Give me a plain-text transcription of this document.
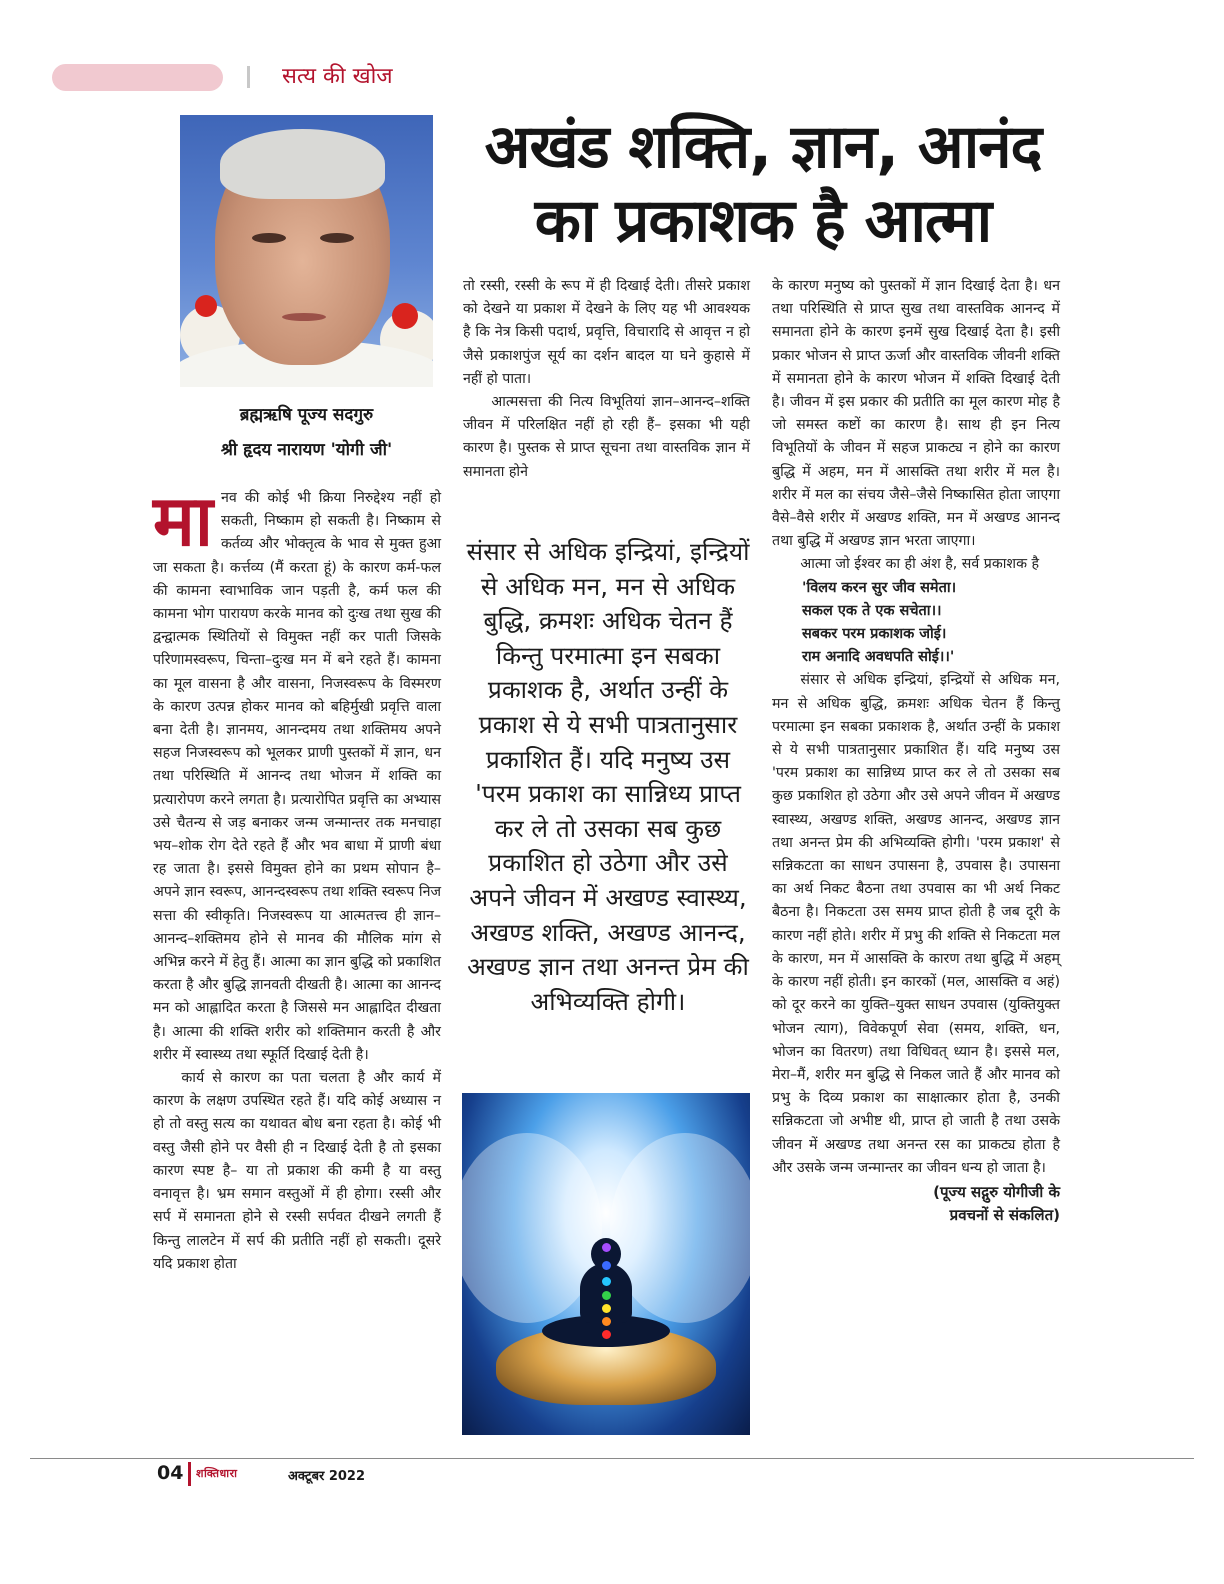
सत्य की खोज
ब्रह्मऋषि पूज्य सदगुरु
श्री हृदय नारायण 'योगी जी'
अखंड शक्ति, ज्ञान, आनंद
का प्रकाशक है आत्मा

मानव की कोई भी क्रिया निरुद्देश्य नहीं हो सकती, निष्काम हो सकती है। निष्काम से कर्तव्य और भोक्तृत्व के भाव से मुक्त हुआ जा सकता है। कर्त्तव्य (मैं करता हूं) के कारण कर्म-फल की कामना स्वाभाविक जान पड़ती है, कर्म फल की कामना भोग पारायण करके मानव को दुःख तथा सुख की द्वन्द्वात्मक स्थितियों से विमुक्त नहीं कर पाती जिसके परिणामस्वरूप, चिन्ता–दुःख मन में बने रहते हैं। कामना का मूल वासना है और वासना, निजस्वरूप के विस्मरण के कारण उत्पन्न होकर मानव को बहिर्मुखी प्रवृत्ति वाला बना देती है। ज्ञानमय, आनन्दमय तथा शक्तिमय अपने सहज निजस्वरूप को भूलकर प्राणी पुस्तकों में ज्ञान, धन तथा परिस्थिति में आनन्द तथा भोजन में शक्ति का प्रत्यारोपण करने लगता है। प्रत्यारोपित प्रवृत्ति का अभ्यास उसे चैतन्य से जड़ बनाकर जन्म जन्मान्तर तक मनचाहा भय–शोक रोग देते रहते हैं और भव बाधा में प्राणी बंधा रह जाता है। इससे विमुक्त होने का प्रथम सोपान है– अपने ज्ञान स्वरूप, आनन्दस्वरूप तथा शक्ति स्वरूप निज सत्ता की स्वीकृति। निजस्वरूप या आत्मतत्त्व ही ज्ञान–आनन्द–शक्तिमय होने से मानव की मौलिक मांग से अभिन्न करने में हेतु हैं। आत्मा का ज्ञान बुद्धि को प्रकाशित करता है और बुद्धि ज्ञानवती दीखती है। आत्मा का आनन्द मन को आह्लादित करता है जिससे मन आह्लादित दीखता है। आत्मा की शक्ति शरीर को शक्तिमान करती है और शरीर में स्वास्थ्य तथा स्फूर्ति दिखाई देती है।

कार्य से कारण का पता चलता है और कार्य में कारण के लक्षण उपस्थित रहते हैं। यदि कोई अध्यास न हो तो वस्तु सत्य का यथावत बोध बना रहता है। कोई भी वस्तु जैसी होने पर वैसी ही न दिखाई देती है तो इसका कारण स्पष्ट है– या तो प्रकाश की कमी है या वस्तु वनावृत्त है। भ्रम समान वस्तुओं में ही होगा। रस्सी और सर्प में समानता होने से रस्सी सर्पवत दीखने लगती हैं किन्तु लालटेन में सर्प की प्रतीति नहीं हो सकती। दूसरे यदि प्रकाश होता

तो रस्सी, रस्सी के रूप में ही दिखाई देती। तीसरे प्रकाश को देखने या प्रकाश में देखने के लिए यह भी आवश्यक है कि नेत्र किसी पदार्थ, प्रवृत्ति, विचारादि से आवृत्त न हो जैसे प्रकाशपुंज सूर्य का दर्शन बादल या घने कुहासे में नहीं हो पाता।

आत्मसत्ता की नित्य विभूतियां ज्ञान–आनन्द–शक्ति जीवन में परिलक्षित नहीं हो रही हैं– इसका भी यही कारण है। पुस्तक से प्राप्त सूचना तथा वास्तविक ज्ञान में समानता होने

संसार से अधिक इन्द्रियां, इन्द्रियों से अधिक मन, मन से अधिक बुद्धि, क्रमशः अधिक चेतन हैं किन्तु परमात्मा इन सबका प्रकाशक है, अर्थात उन्हीं के प्रकाश से ये सभी पात्रतानुसार प्रकाशित हैं। यदि मनुष्य उस 'परम प्रकाश का सान्निध्य प्राप्त कर ले तो उसका सब कुछ प्रकाशित हो उठेगा और उसे अपने जीवन में अखण्ड स्वास्थ्य, अखण्ड शक्ति, अखण्ड आनन्द, अखण्ड ज्ञान तथा अनन्त प्रेम की अभिव्यक्ति होगी।

के कारण मनुष्य को पुस्तकों में ज्ञान दिखाई देता है। धन तथा परिस्थिति से प्राप्त सुख तथा वास्तविक आनन्द में समानता होने के कारण इनमें सुख दिखाई देता है। इसी प्रकार भोजन से प्राप्त ऊर्जा और वास्तविक जीवनी शक्ति में समानता होने के कारण भोजन में शक्ति दिखाई देती है। जीवन में इस प्रकार की प्रतीति का मूल कारण मोह है जो समस्त कष्टों का कारण है। साथ ही इन नित्य विभूतियों के जीवन में सहज प्राकट्य न होने का कारण बुद्धि में अहम, मन में आसक्ति तथा शरीर में मल है। शरीर में मल का संचय जैसे–जैसे निष्कासित होता जाएगा वैसे–वैसे शरीर में अखण्ड शक्ति, मन में अखण्ड आनन्द तथा बुद्धि में अखण्ड ज्ञान भरता जाएगा।

आत्मा जो ईश्वर का ही अंश है, सर्व प्रकाशक है

'विलय करन सुर जीव समेता।
सकल एक ते एक सचेता।।
सबकर परम प्रकाशक जोई।
राम अनादि अवधपति सोई।।'

संसार से अधिक इन्द्रियां, इन्द्रियों से अधिक मन, मन से अधिक बुद्धि, क्रमशः अधिक चेतन हैं किन्तु परमात्मा इन सबका प्रकाशक है, अर्थात उन्हीं के प्रकाश से ये सभी पात्रतानुसार प्रकाशित हैं। यदि मनुष्य उस 'परम प्रकाश का सान्निध्य प्राप्त कर ले तो उसका सब कुछ प्रकाशित हो उठेगा और उसे अपने जीवन में अखण्ड स्वास्थ्य, अखण्ड शक्ति, अखण्ड आनन्द, अखण्ड ज्ञान तथा अनन्त प्रेम की अभिव्यक्ति होगी। 'परम प्रकाश' से सन्निकटता का साधन उपासना है, उपवास है। उपासना का अर्थ निकट बैठना तथा उपवास का भी अर्थ निकट बैठना है। निकटता उस समय प्राप्त होती है जब दूरी के कारण नहीं होते। शरीर में प्रभु की शक्ति से निकटता मल के कारण, मन में आसक्ति के कारण तथा बुद्धि में अहम् के कारण नहीं होती। इन कारकों (मल, आसक्ति व अहं) को दूर करने का युक्ति–युक्त साधन उपवास (युक्तियुक्त भोजन त्याग), विवेकपूर्ण सेवा (समय, शक्ति, धन, भोजन का वितरण) तथा विधिवत् ध्यान है। इससे मल, मेरा–मैं, शरीर मन बुद्धि से निकल जाते हैं और मानव को प्रभु के दिव्य प्रकाश का साक्षात्कार होता है, उनकी सन्निकटता जो अभीष्ट थी, प्राप्त हो जाती है तथा उसके जीवन में अखण्ड तथा अनन्त रस का प्राकट्य होता है और उसके जन्म जन्मान्तर का जीवन धन्य हो जाता है।

(पूज्य सद्गुरु योगीजी के
प्रवचनों से संकलित)
04 शक्तिधारा	अक्टूबर 2022
